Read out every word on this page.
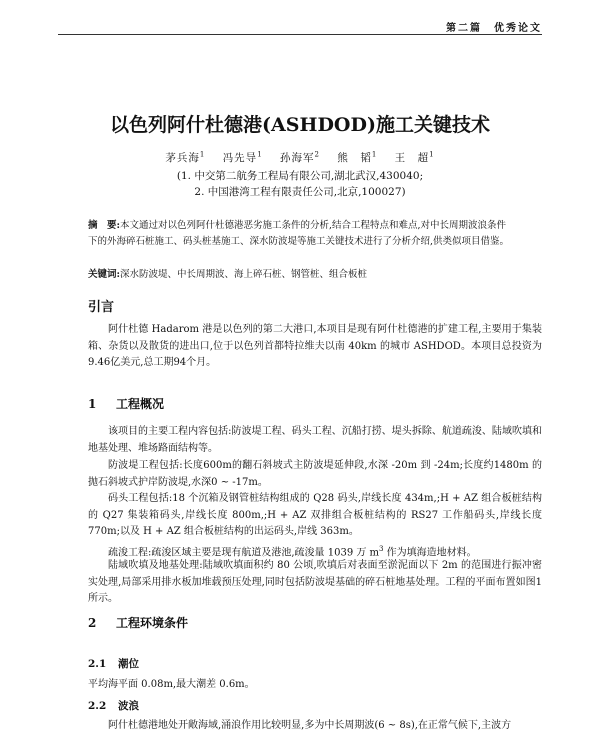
第二篇　优秀论文
以色列阿什杜德港(ASHDOD)施工关键技术
茅兵海$^1$ 冯先导$^1$ 孙海军$^2$ 熊　韬$^1$ 王　超$^1$
(1. 中交第二航务工程局有限公司,湖北武汉,430040;
2. 中国港湾工程有限责任公司,北京,100027)
摘　要:本文通过对以色列阿什杜德港恶劣施工条件的分析,结合工程特点和难点,对中长周期波浪条件下的外海碎石桩施工、码头桩基施工、深水防波堤等施工关键技术进行了分析介绍,供类似项目借鉴。
关键词:深水防波堤、中长周期波、海上碎石桩、钢管桩、组合板桩
引言
阿什杜德 Hadarom 港是以色列的第二大港口,本项目是现有阿什杜德港的扩建工程,主要用于集装箱、杂货以及散货的进出口,位于以色列首都特拉维夫以南 40km 的城市 ASHDOD。本项目总投资为9.46亿美元,总工期94个月。
1 工程概况
该项目的主要工程内容包括:防波堤工程、码头工程、沉船打捞、堤头拆除、航道疏浚、陆域吹填和地基处理、堆场路面结构等。
防波堤工程包括:长度600m的翻石斜坡式主防波堤延伸段,水深 -20m 到 -24m;长度约1480m 的抛石斜坡式护岸防波堤,水深0 ~ -17m。
码头工程包括:18 个沉箱及钢管桩结构组成的 Q28 码头,岸线长度 434m,;H + AZ 组合板桩结构的 Q27 集装箱码头,岸线长度 800m,;H + AZ 双排组合板桩结构的 RS27 工作船码头,岸线长度 770m;以及 H + AZ 组合板桩结构的出运码头,岸线 363m。
疏浚工程:疏浚区域主要是现有航道及港池,疏浚量 1039 万 $m^3$ 作为填海造地材料。
陆域吹填及地基处理:陆域吹填面积约 80 公顷,吹填后对表面至淤泥面以下 2m 的范围进行振冲密实处理,局部采用排水板加堆载预压处理,同时包括防波堤基础的碎石桩地基处理。工程的平面布置如图1所示。
2 工程环境条件
2.1 潮位
平均海平面 0.08m,最大潮差 0.6m。
2.2 波浪
阿什杜德港地处开敞海域,涌浪作用比较明显,多为中长周期波(6 ~ 8s),在正常气候下,主波方
